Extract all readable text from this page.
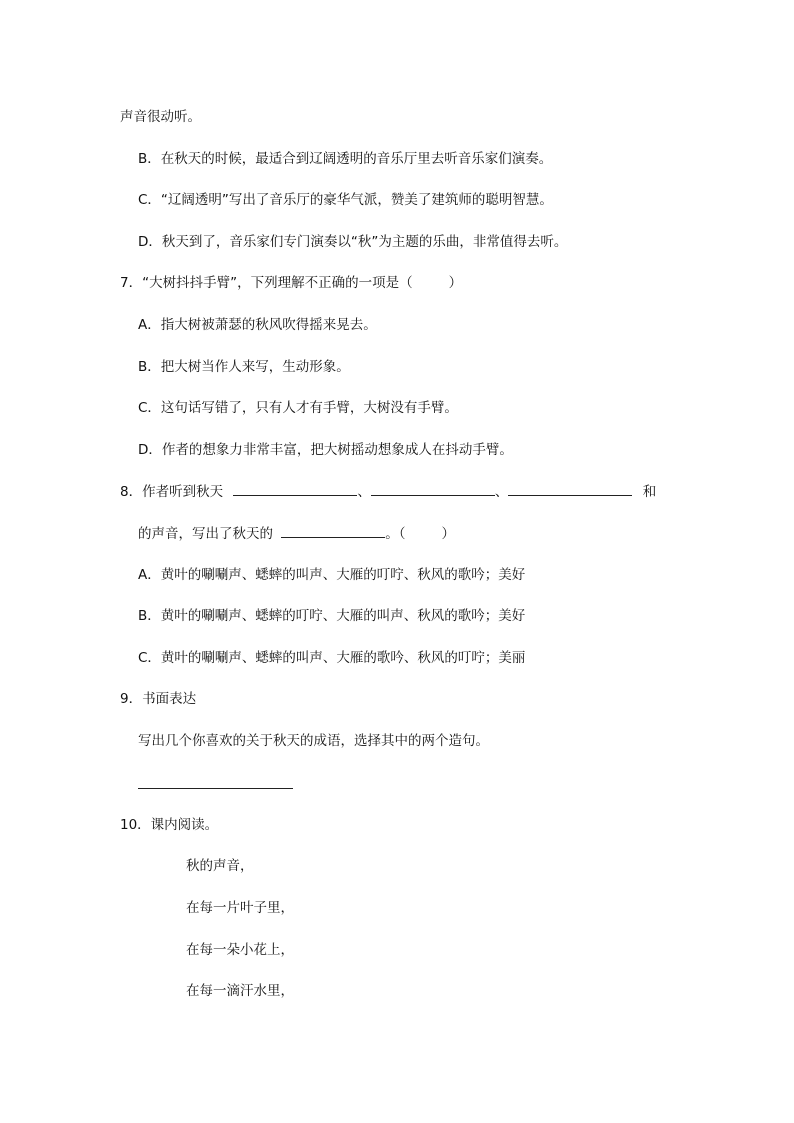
声音很动听。
B．在秋天的时候，最适合到辽阔透明的音乐厅里去听音乐家们演奏。
C．“辽阔透明”写出了音乐厅的豪华气派，赞美了建筑师的聪明智慧。
D．秋天到了，音乐家们专门演奏以“秋”为主题的乐曲，非常值得去听。
7．“大树抖抖手臂”，下列理解不正确的一项是（	）
A．指大树被萧瑟的秋风吹得摇来晃去。
B．把大树当作人来写，生动形象。
C．这句话写错了，只有人才有手臂，大树没有手臂。
D．作者的想象力非常丰富，把大树摇动想象成人在抖动手臂。
8．作者听到秋天	、	、	和
的声音，写出了秋天的	。（	）
A．黄叶的唰唰声、蟋蟀的叫声、大雁的叮咛、秋风的歌吟；美好
B．黄叶的唰唰声、蟋蟀的叮咛、大雁的叫声、秋风的歌吟；美好
C．黄叶的唰唰声、蟋蟀的叫声、大雁的歌吟、秋风的叮咛；美丽
9．书面表达
写出几个你喜欢的关于秋天的成语，选择其中的两个造句。
10．课内阅读。
秋的声音，
在每一片叶子里，
在每一朵小花上，
在每一滴汗水里，
